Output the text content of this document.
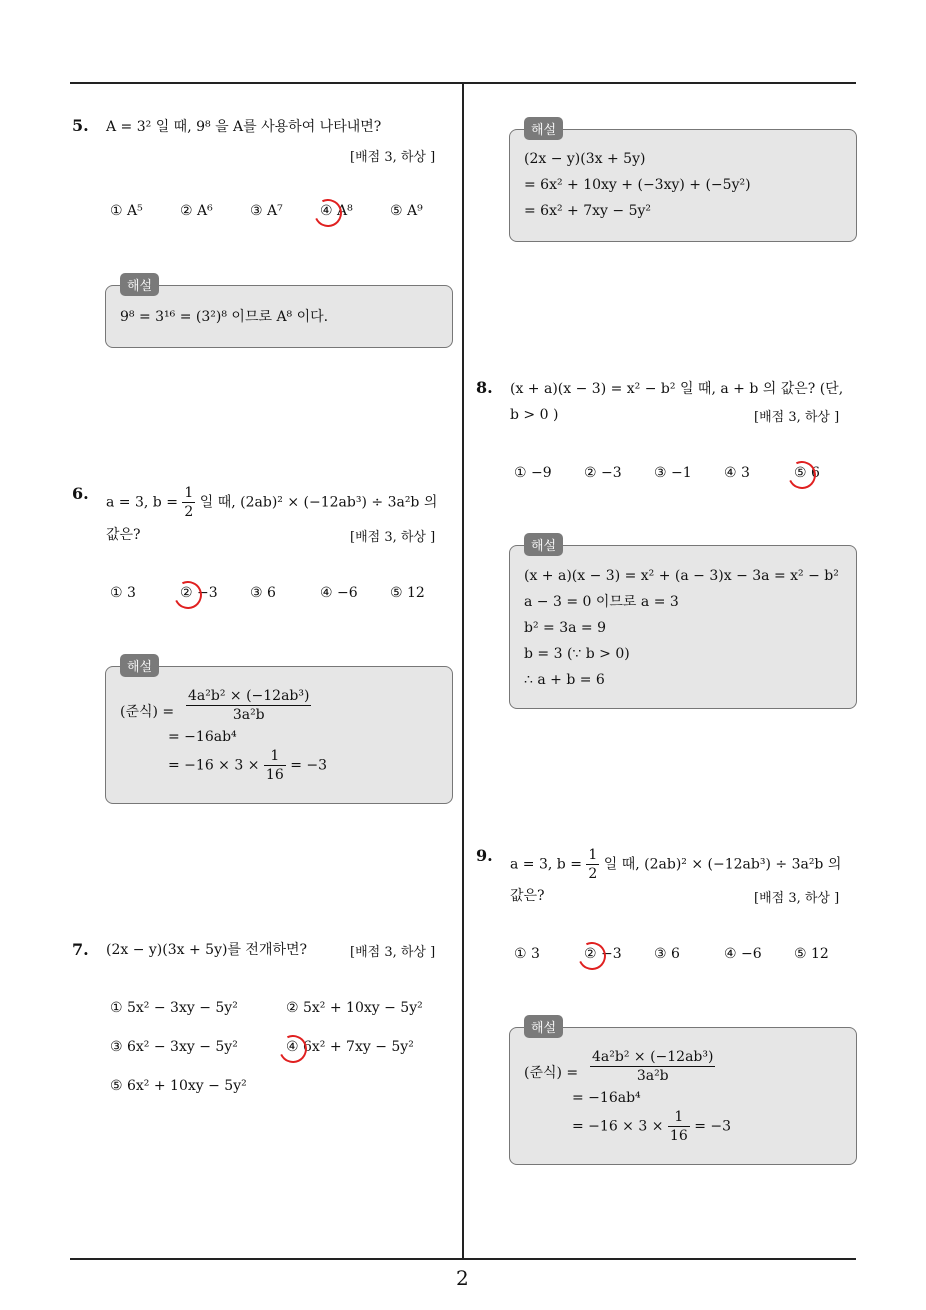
2
5. A = 3² 일 때, 9⁸ 을 A를 사용하여 나타내면?
[배점 3, 하상 ]
① A⁵	② A⁶	③ A⁷	④ A⁸	⑤ A⁹
해설
9⁸ = 3¹⁶ = (3²)⁸ 이므로 A⁸ 이다.
6. a = 3, $b = \frac{1}{2}$ 일 때, (2ab)² × (−12ab³) ÷ 3a²b 의
값은?	[배점 3, 하상 ]
① 3	② −3 ③ 6	④ −6 ⑤ 12
해설
(준식) = $\frac{\text{4a²b² × (−12ab³)}}{\text{3a²b}}$
= −16ab⁴
= $-16 \times 3 \times \frac{1}{16} = -3$
7. (2x − y)(3x + 5y)를 전개하면?	[배점 3, 하상 ]
① 5x² − 3xy − 5y²	② 5x² + 10xy − 5y²
③ 6x² − 3xy − 5y²	④ 6x² + 7xy − 5y²
⑤ 6x² + 10xy − 5y²
해설
(2x − y)(3x + 5y)
= 6x² + 10xy + (−3xy) + (−5y²)
= 6x² + 7xy − 5y²
8. (x + a)(x − 3) = x² − b² 일 때, a + b 의 값은? (단,
b > 0 )	[배점 3, 하상 ]
① −9 ② −3 ③ −1 ④ 3	⑤ 6
해설
(x + a)(x − 3) = x² + (a − 3)x − 3a = x² − b²
a − 3 = 0 이므로 a = 3
b² = 3a = 9
b = 3 (∵ b > 0)
∴ a + b = 6
9. a = 3, $b = \frac{1}{2}$ 일 때, (2ab)² × (−12ab³) ÷ 3a²b 의
값은?	[배점 3, 하상 ]
① 3	② −3 ③ 6	④ −6 ⑤ 12
해설
(준식) = $\frac{\text{4a²b² × (−12ab³)}}{\text{3a²b}}$
= −16ab⁴
= $-16 \times 3 \times \frac{1}{16} = -3$
